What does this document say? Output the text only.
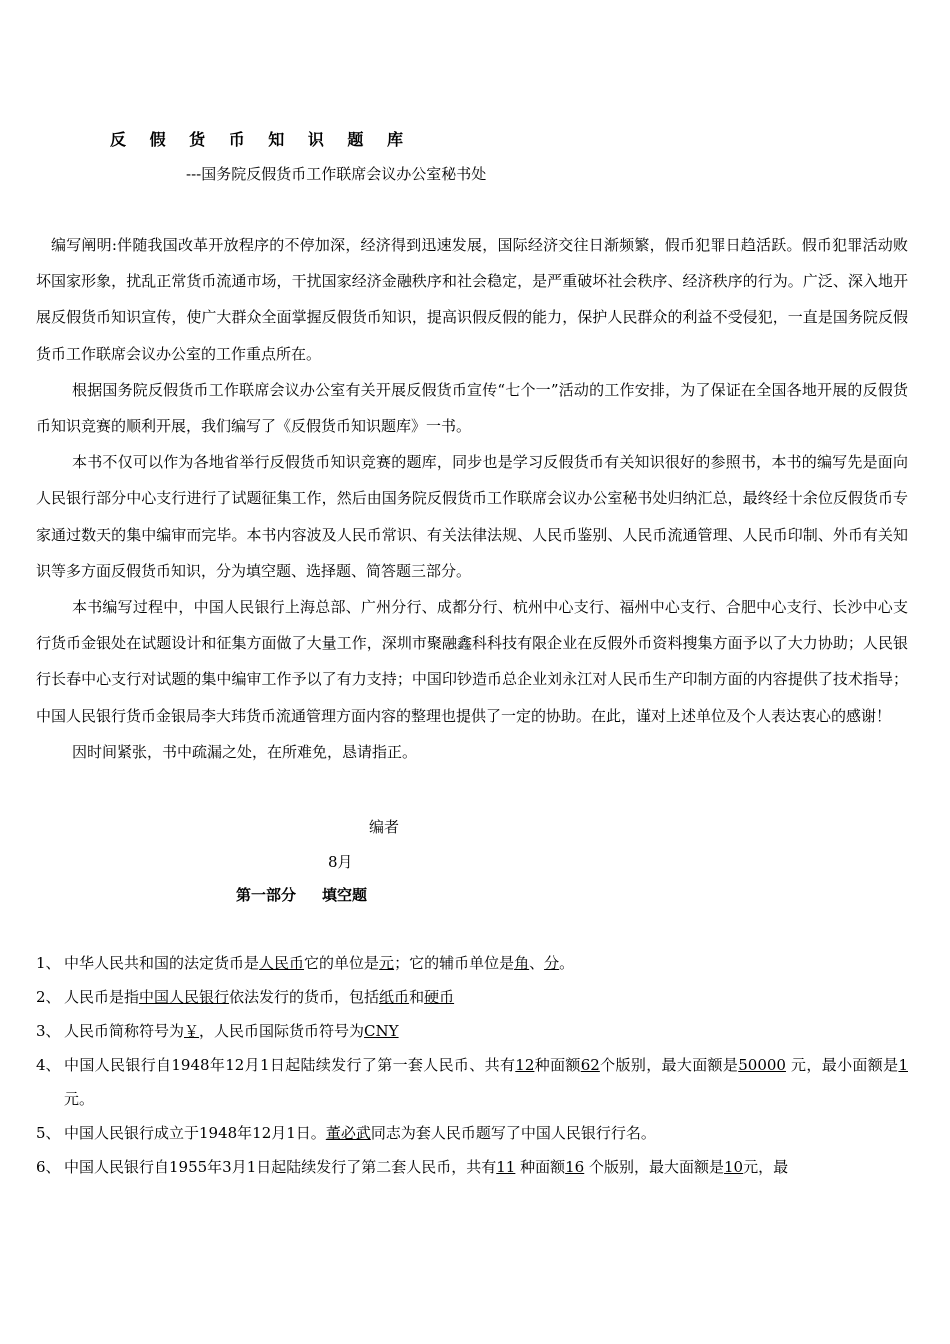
反 假 货 币 知 识 题 库
---国务院反假货币工作联席会议办公室秘书处

编写阐明:伴随我国改革开放程序的不停加深，经济得到迅速发展，国际经济交往日渐频繁，假币犯罪日趋活跃。假币犯罪活动败坏国家形象，扰乱正常货币流通市场，干扰国家经济金融秩序和社会稳定，是严重破坏社会秩序、经济秩序的行为。广泛、深入地开展反假货币知识宣传，使广大群众全面掌握反假货币知识，提高识假反假的能力，保护人民群众的利益不受侵犯，一直是国务院反假货币工作联席会议办公室的工作重点所在。

根据国务院反假货币工作联席会议办公室有关开展反假货币宣传“七个一”活动的工作安排，为了保证在全国各地开展的反假货币知识竞赛的顺利开展，我们编写了《反假货币知识题库》一书。

本书不仅可以作为各地省举行反假货币知识竞赛的题库，同步也是学习反假货币有关知识很好的参照书，本书的编写先是面向人民银行部分中心支行进行了试题征集工作，然后由国务院反假货币工作联席会议办公室秘书处归纳汇总，最终经十余位反假货币专家通过数天的集中编审而完毕。本书内容波及人民币常识、有关法律法规、人民币鉴别、人民币流通管理、人民币印制、外币有关知识等多方面反假货币知识，分为填空题、选择题、简答题三部分。

本书编写过程中，中国人民银行上海总部、广州分行、成都分行、杭州中心支行、福州中心支行、合肥中心支行、长沙中心支行货币金银处在试题设计和征集方面做了大量工作，深圳市聚融鑫科科技有限企业在反假外币资料搜集方面予以了大力协助；人民银行长春中心支行对试题的集中编审工作予以了有力支持；中国印钞造币总企业刘永江对人民币生产印制方面的内容提供了技术指导；中国人民银行货币金银局李大玮货币流通管理方面内容的整理也提供了一定的协助。在此，谨对上述单位及个人表达衷心的感谢！

因时间紧张，书中疏漏之处，在所难免，恳请指正。

编者
8月
第一部分 填空题
1、 中华人民共和国的法定货币是人民币它的单位是元；它的辅币单位是角、分。
2、 人民币是指中国人民银行依法发行的货币，包括纸币和硬币
3、 人民币简称符号为￥，人民币国际货币符号为CNY
4、 中国人民银行自1948年12月1日起陆续发行了第一套人民币、共有12种面额62个版别，最大面额是50000 元，最小面额是1元。
5、 中国人民银行成立于1948年12月1日。董必武同志为套人民币题写了中国人民银行行名。
6、 中国人民银行自1955年3月1日起陆续发行了第二套人民币，共有11 种面额16 个版别，最大面额是10元，最
